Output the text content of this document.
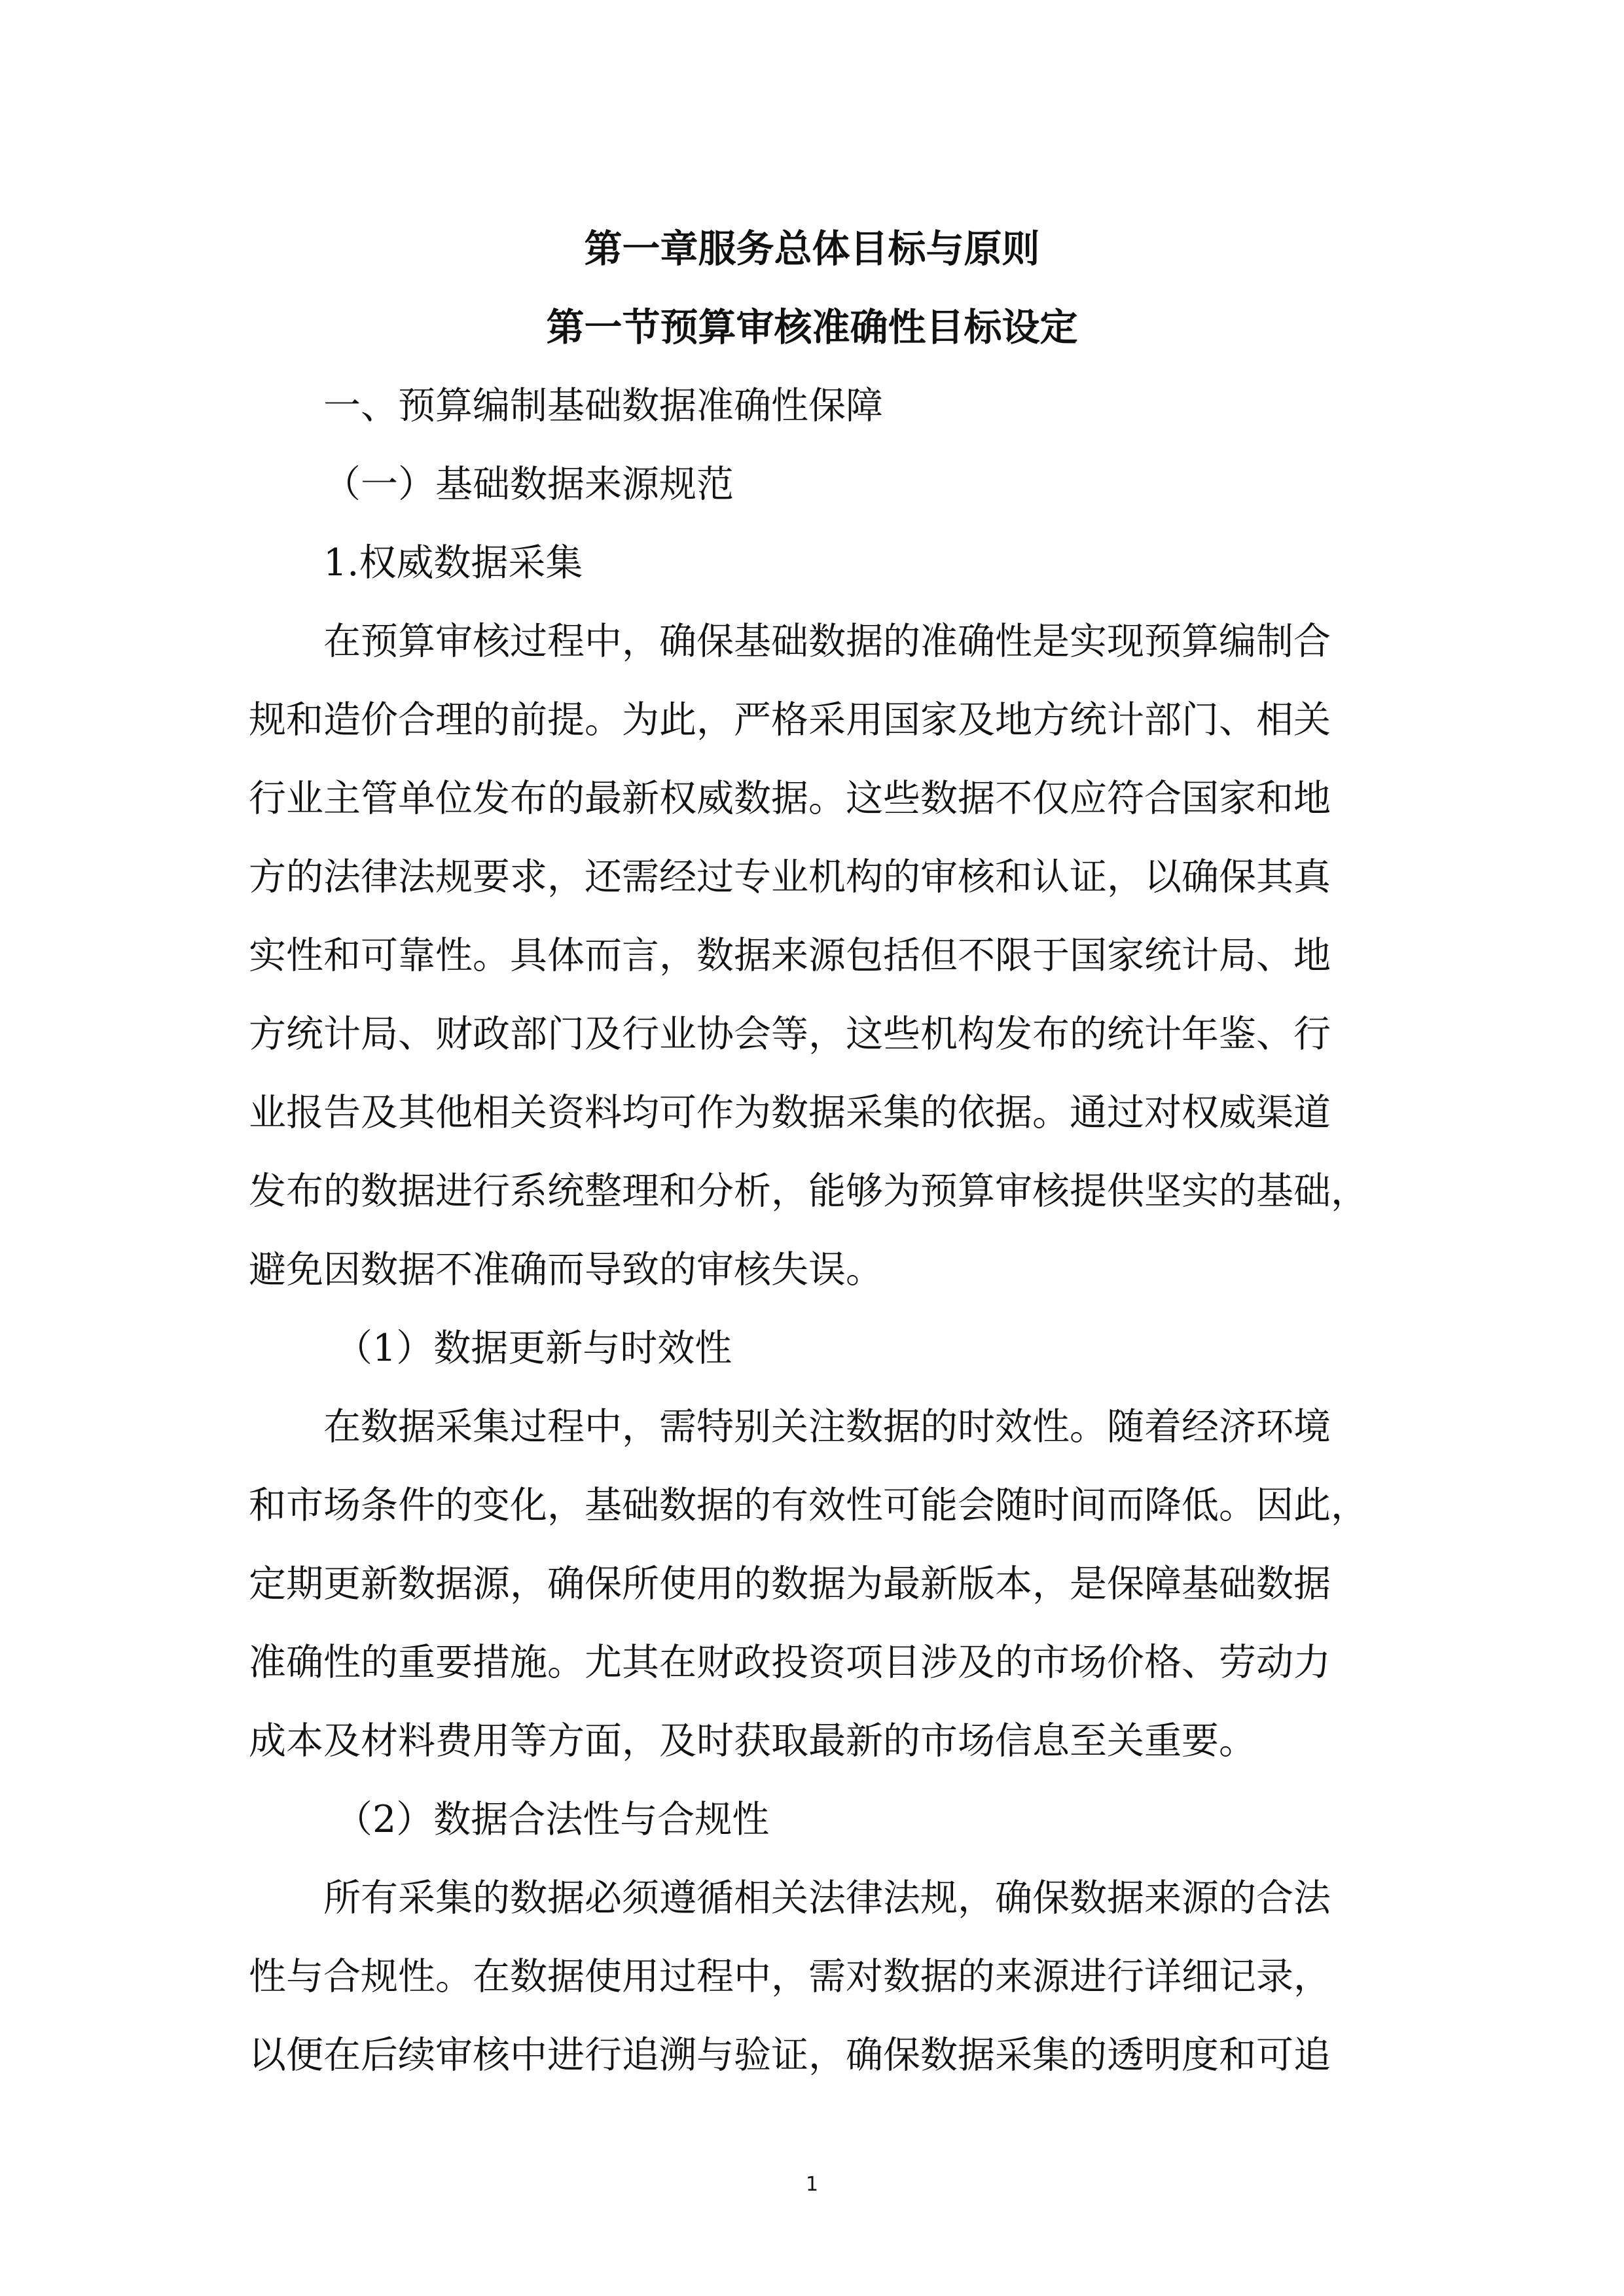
第一章服务总体目标与原则
第一节预算审核准确性目标设定

一、预算编制基础数据准确性保障

（一）基础数据来源规范

1.权威数据采集

在预算审核过程中，确保基础数据的准确性是实现预算编制合

规和造价合理的前提。为此，严格采用国家及地方统计部门、相关

行业主管单位发布的最新权威数据。这些数据不仅应符合国家和地

方的法律法规要求，还需经过专业机构的审核和认证，以确保其真

实性和可靠性。具体而言，数据来源包括但不限于国家统计局、地

方统计局、财政部门及行业协会等，这些机构发布的统计年鉴、行

业报告及其他相关资料均可作为数据采集的依据。通过对权威渠道

发布的数据进行系统整理和分析，能够为预算审核提供坚实的基础，

避免因数据不准确而导致的审核失误。

（1）数据更新与时效性

在数据采集过程中，需特别关注数据的时效性。随着经济环境

和市场条件的变化，基础数据的有效性可能会随时间而降低。因此，

定期更新数据源，确保所使用的数据为最新版本，是保障基础数据

准确性的重要措施。尤其在财政投资项目涉及的市场价格、劳动力

成本及材料费用等方面，及时获取最新的市场信息至关重要。

（2）数据合法性与合规性

所有采集的数据必须遵循相关法律法规，确保数据来源的合法

性与合规性。在数据使用过程中，需对数据的来源进行详细记录，

以便在后续审核中进行追溯与验证，确保数据采集的透明度和可追

1
